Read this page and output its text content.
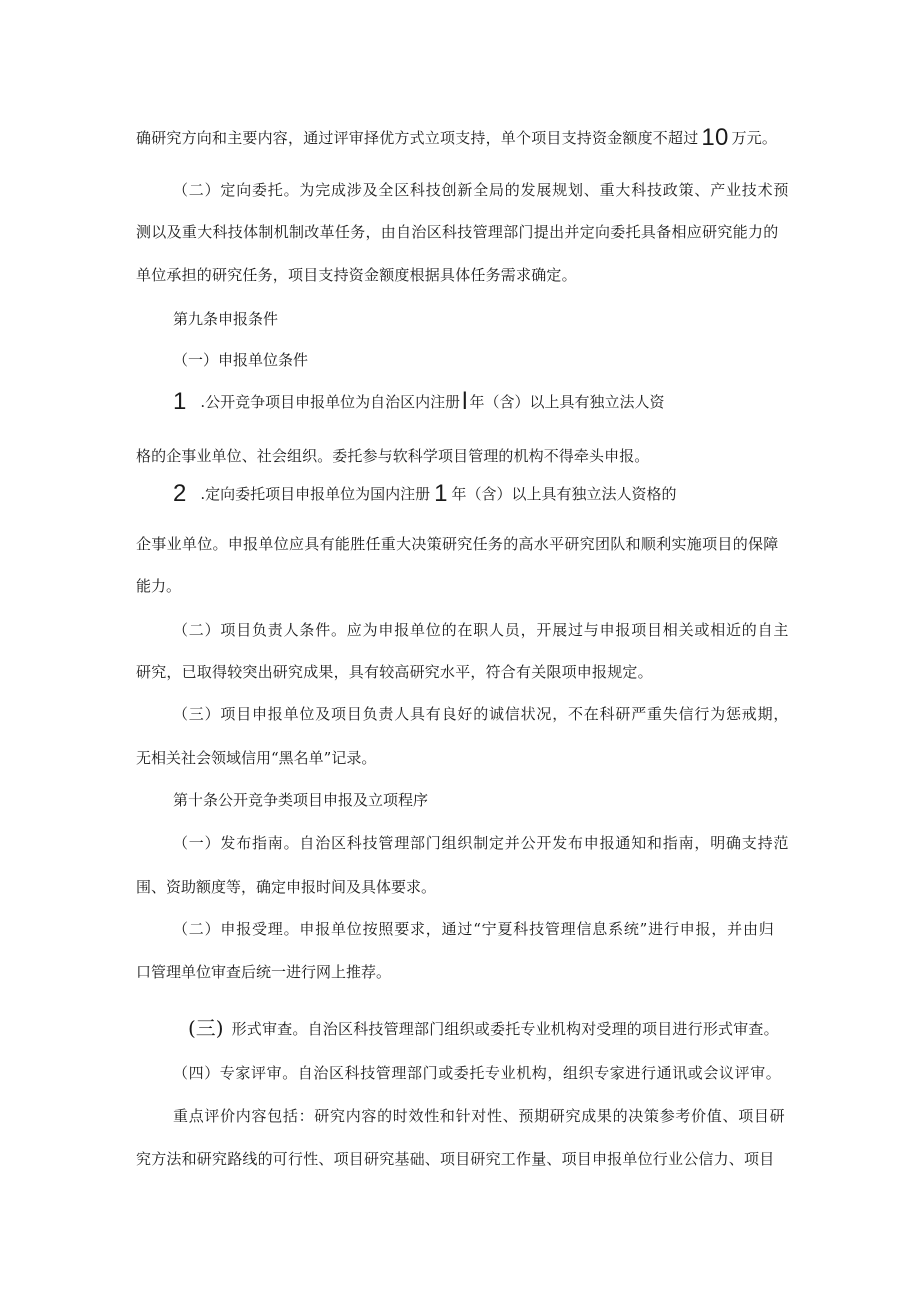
确研究方向和主要内容，通过评审择优方式立项支持，单个项目支持资金额度不超过 10 万元。

（二）定向委托。为完成涉及全区科技创新全局的发展规划、重大科技政策、产业技术预

测以及重大科技体制机制改革任务，由自治区科技管理部门提出并定向委托具备相应研究能力的

单位承担的研究任务，项目支持资金额度根据具体任务需求确定。

第九条申报条件

（一）申报单位条件

1 .公开竞争项目申报单位为自治区内注册l 年（含）以上具有独立法人资

格的企事业单位、社会组织。委托参与软科学项目管理的机构不得牵头申报。

2 .定向委托项目申报单位为国内注册 1 年（含）以上具有独立法人资格的

企事业单位。申报单位应具有能胜任重大决策研究任务的高水平研究团队和顺利实施项目的保障

能力。

（二）项目负责人条件。应为申报单位的在职人员，开展过与申报项目相关或相近的自主

研究，已取得较突出研究成果，具有较高研究水平，符合有关限项申报规定。

（三）项目申报单位及项目负责人具有良好的诚信状况，不在科研严重失信行为惩戒期，

无相关社会领域信用“黑名单”记录。

第十条公开竞争类项目申报及立项程序

（一）发布指南。自治区科技管理部门组织制定并公开发布申报通知和指南，明确支持范

围、资助额度等，确定申报时间及具体要求。

（二）申报受理。申报单位按照要求，通过“宁夏科技管理信息系统”进行申报，并由归

口管理单位审查后统一进行网上推荐。

(三) 形式审查。自治区科技管理部门组织或委托专业机构对受理的项目进行形式审查。

（四）专家评审。自治区科技管理部门或委托专业机构，组织专家进行通讯或会议评审。

重点评价内容包括：研究内容的时效性和针对性、预期研究成果的决策参考价值、项目研

究方法和研究路线的可行性、项目研究基础、项目研究工作量、项目申报单位行业公信力、项目
